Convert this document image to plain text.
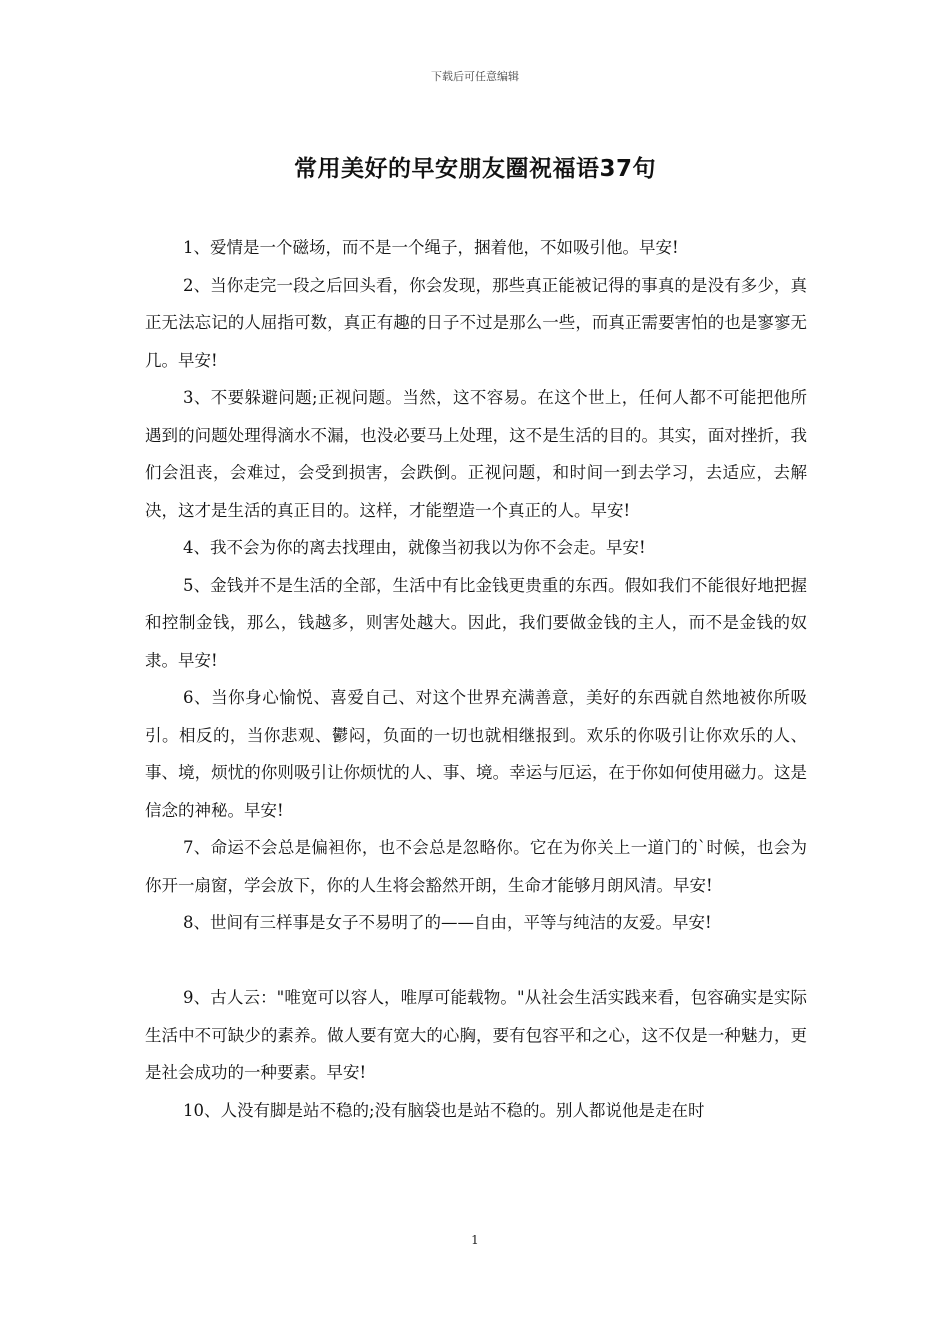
下载后可任意编辑
常用美好的早安朋友圈祝福语37句

1、爱情是一个磁场，而不是一个绳子，捆着他，不如吸引他。早安!

2、当你走完一段之后回头看，你会发现，那些真正能被记得的事真的是没有多少，真正无法忘记的人屈指可数，真正有趣的日子不过是那么一些，而真正需要害怕的也是寥寥无几。早安!

3、不要躲避问题;正视问题。当然，这不容易。在这个世上，任何人都不可能把他所遇到的问题处理得滴水不漏，也没必要马上处理，这不是生活的目的。其实，面对挫折，我们会沮丧，会难过，会受到损害，会跌倒。正视问题，和时间一到去学习，去适应，去解决，这才是生活的真正目的。这样，才能塑造一个真正的人。早安!

4、我不会为你的离去找理由，就像当初我以为你不会走。早安!

5、金钱并不是生活的全部，生活中有比金钱更贵重的东西。假如我们不能很好地把握和控制金钱，那么，钱越多，则害处越大。因此，我们要做金钱的主人，而不是金钱的奴隶。早安!

6、当你身心愉悦、喜爱自己、对这个世界充满善意，美好的东西就自然地被你所吸引。相反的，当你悲观、鬱闷，负面的一切也就相继报到。欢乐的你吸引让你欢乐的人、事、境，烦忧的你则吸引让你烦忧的人、事、境。幸运与厄运，在于你如何使用磁力。这是信念的神秘。早安!

7、命运不会总是偏袒你，也不会总是忽略你。它在为你关上一道门的`时候，也会为你开一扇窗，学会放下，你的人生将会豁然开朗，生命才能够月朗风清。早安!

8、世间有三样事是女子不易明了的——自由，平等与纯洁的友爱。早安!

9、古人云："唯宽可以容人，唯厚可能载物。"从社会生活实践来看，包容确实是实际生活中不可缺少的素养。做人要有宽大的心胸，要有包容平和之心，这不仅是一种魅力，更是社会成功的一种要素。早安!

10、人没有脚是站不稳的;没有脑袋也是站不稳的。别人都说他是走在时

1
